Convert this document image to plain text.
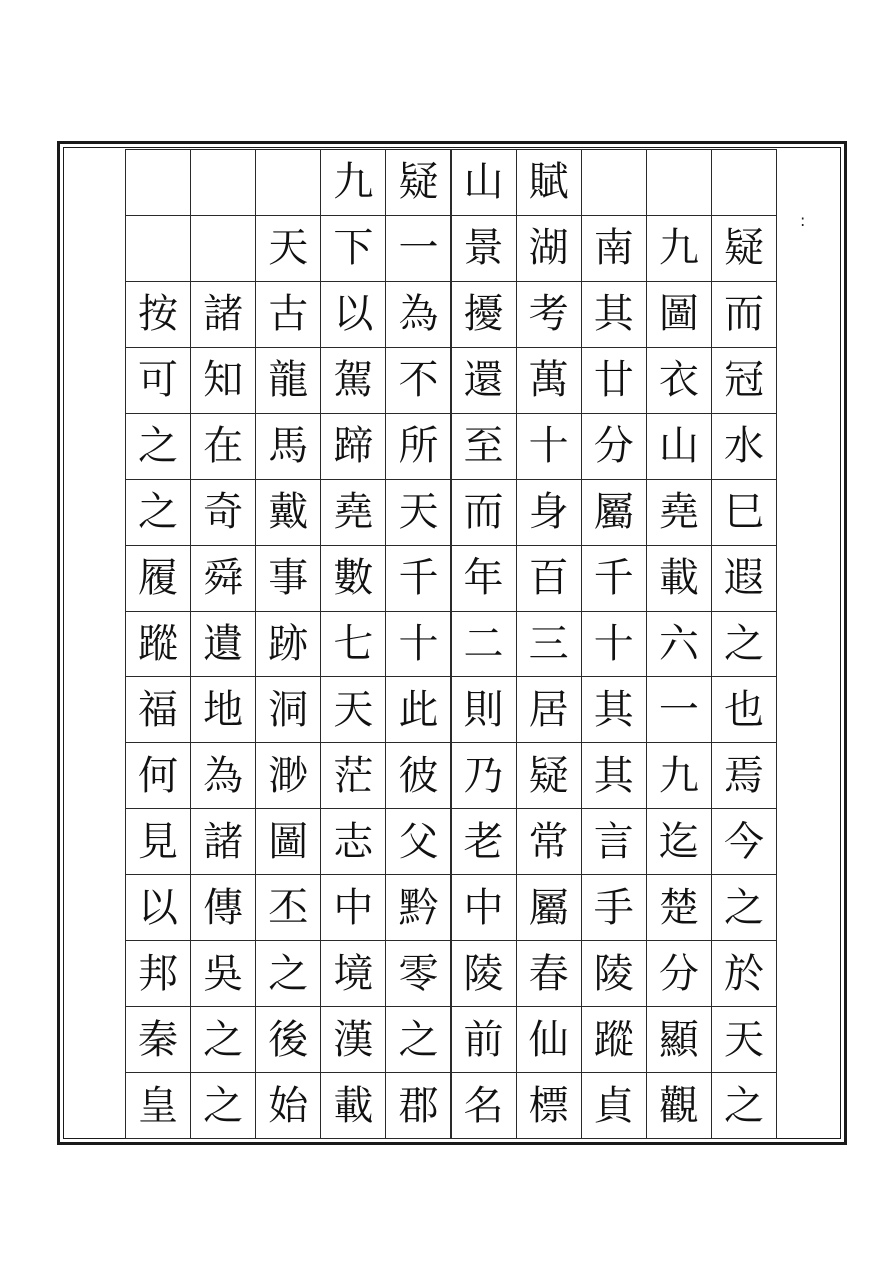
疑
而
冠
水
巳
遐
之
也
焉
今
之
於
天
之
九
圖
衣
山
堯
載
六
一
九
迄
楚
分
顯
觀
南
其
廿
分
屬
千
十
其
其
言
手
陵
蹤
貞
賦
湖
考
萬
十
身
百
三
居
疑
常
屬
春
仙
標
山
景
擾
還
至
而
年
二
則
乃
老
中
陵
前
名
疑
一
為
不
所
天
千
十
此
彼
父
黔
零
之
郡
九
下
以
駕
蹄
堯
數
七
天
茫
志
中
境
漢
載
天
古
龍
馬
戴
事
跡
洞
渺
圖
丕
之
後
始
諸
知
在
奇
舜
遺
地
為
諸
傳
吳
之
之
按
可
之
之
履
蹤
福
何
見
以
邦
秦
皇
:
